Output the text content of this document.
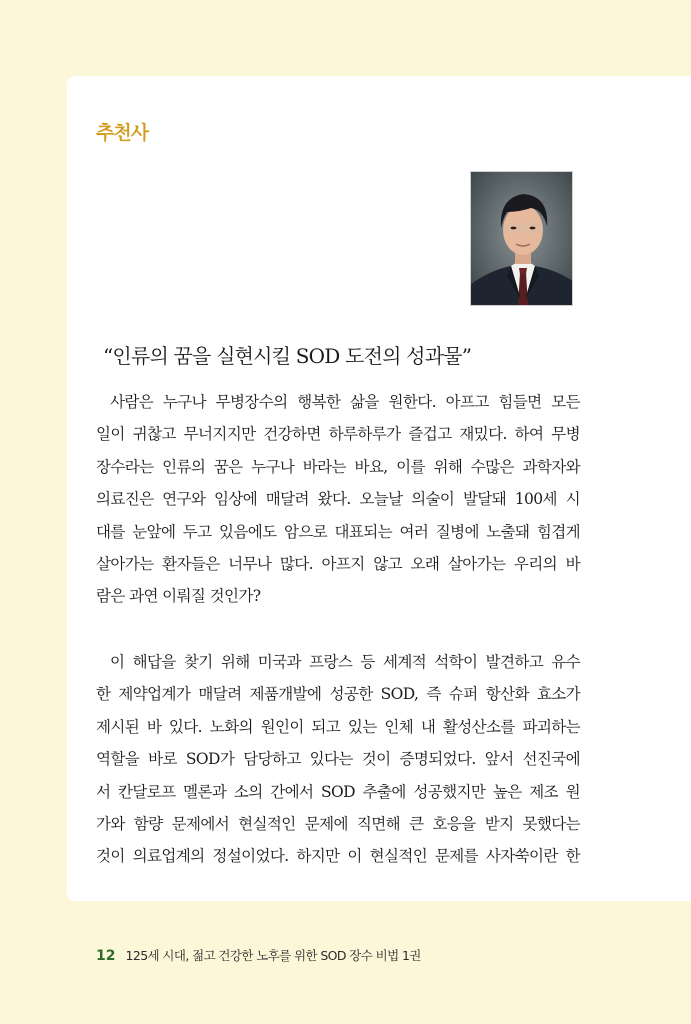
추천사
“인류의 꿈을 실현시킬 SOD 도전의 성과물”
사람은 누구나 무병장수의 행복한 삶을 원한다. 아프고 힘들면 모든
일이 귀찮고 무너지지만 건강하면 하루하루가 즐겁고 재밌다. 하여 무병
장수라는 인류의 꿈은 누구나 바라는 바요, 이를 위해 수많은 과학자와
의료진은 연구와 임상에 매달려 왔다. 오늘날 의술이 발달돼 100세 시
대를 눈앞에 두고 있음에도 암으로 대표되는 여러 질병에 노출돼 힘겹게
살아가는 환자들은 너무나 많다. 아프지 않고 오래 살아가는 우리의 바
람은 과연 이뤄질 것인가?
이 해답을 찾기 위해 미국과 프랑스 등 세계적 석학이 발견하고 유수
한 제약업계가 매달려 제품개발에 성공한 SOD, 즉 슈퍼 항산화 효소가
제시된 바 있다. 노화의 원인이 되고 있는 인체 내 활성산소를 파괴하는
역할을 바로 SOD가 담당하고 있다는 것이 증명되었다. 앞서 선진국에
서 칸달로프 멜론과 소의 간에서 SOD 추출에 성공했지만 높은 제조 원
가와 함량 문제에서 현실적인 문제에 직면해 큰 호응을 받지 못했다는
것이 의료업계의 정설이었다. 하지만 이 현실적인 문제를 사자쑥이란 한
12 125세 시대, 젊고 건강한 노후를 위한 SOD 장수 비법 1권
